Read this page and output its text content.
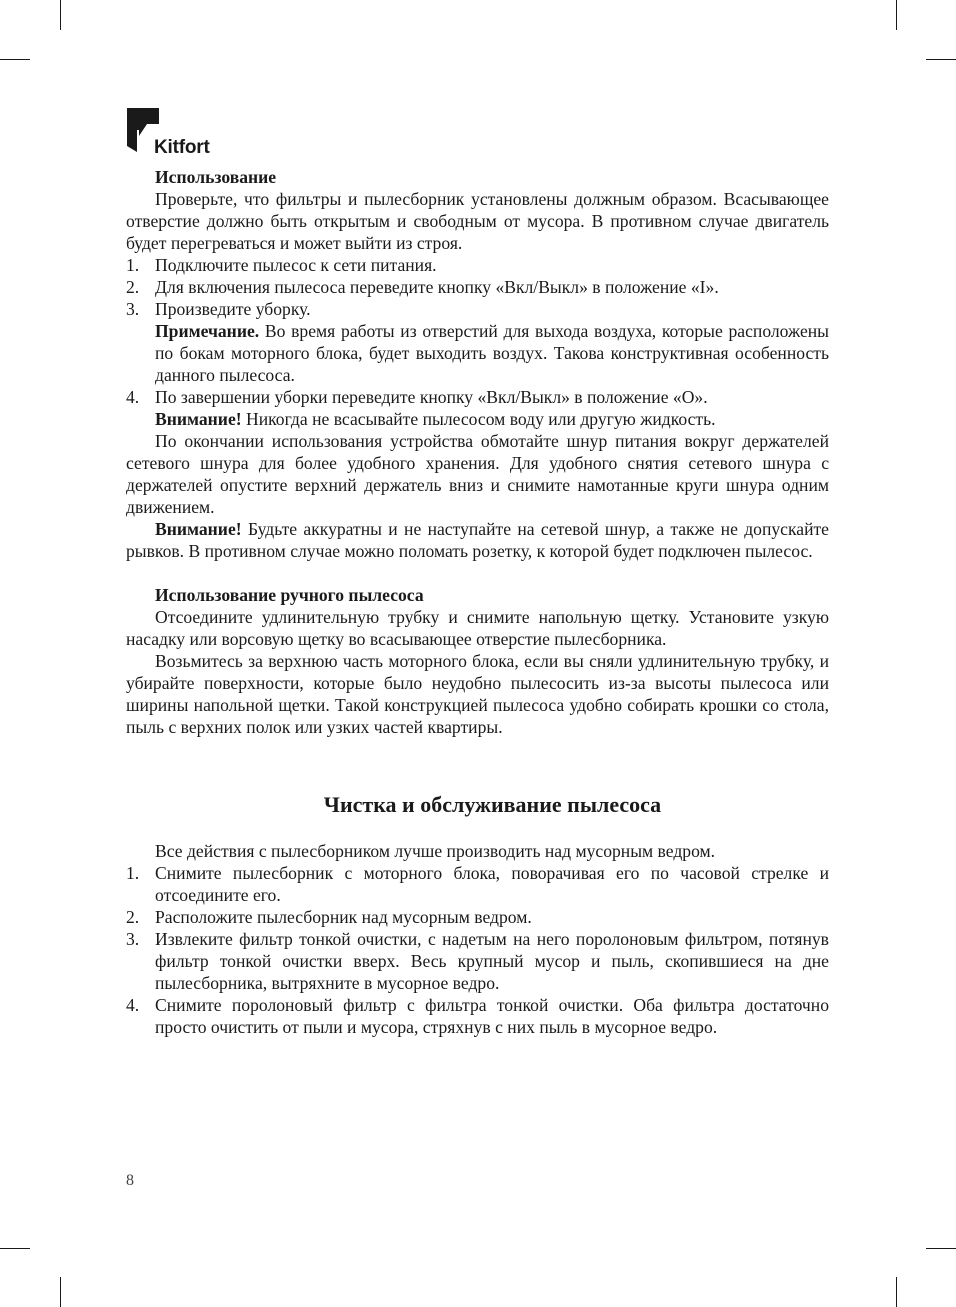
Kitfort

Использование

Проверьте, что фильтры и пылесборник установлены должным образом. Всасывающее отверстие должно быть открытым и свободным от мусора. В противном случае двигатель будет перегреваться и может выйти из строя.

1. Подключите пылесос к сети питания.
2. Для включения пылесоса переведите кнопку «Вкл/Выкл» в положение «I».
3. Произведите уборку.

Примечание. Во время работы из отверстий для выхода воздуха, которые расположены по бокам моторного блока, будет выходить воздух. Такова конструктивная особенность данного пылесоса.

4. По завершении уборки переведите кнопку «Вкл/Выкл» в положение «O».

Внимание! Никогда не всасывайте пылесосом воду или другую жидкость.

По окончании использования устройства обмотайте шнур питания вокруг держателей сетевого шнура для более удобного хранения. Для удобного снятия сетевого шнура с держателей опустите верхний держатель вниз и снимите намотанные круги шнура одним движением.

Внимание! Будьте аккуратны и не наступайте на сетевой шнур, а также не допускайте рывков. В противном случае можно поломать розетку, к которой будет подключен пылесос.

Использование ручного пылесоса

Отсоедините удлинительную трубку и снимите напольную щетку. Установите узкую насадку или ворсовую щетку во всасывающее отверстие пылесборника.

Возьмитесь за верхнюю часть моторного блока, если вы сняли удлинительную трубку, и убирайте поверхности, которые было неудобно пылесосить из-за высоты пылесоса или ширины напольной щетки. Такой конструкцией пылесоса удобно собирать крошки со стола, пыль с верхних полок или узких частей квартиры.

Чистка и обслуживание пылесоса

Все действия с пылесборником лучше производить над мусорным ведром.

1. Снимите пылесборник с моторного блока, поворачивая его по часовой стрелке и отсоедините его.
2. Расположите пылесборник над мусорным ведром.
3. Извлеките фильтр тонкой очистки, с надетым на него поролоновым фильтром, потянув фильтр тонкой очистки вверх. Весь крупный мусор и пыль, скопившиеся на дне пылесборника, вытряхните в мусорное ведро.
4. Снимите поролоновый фильтр с фильтра тонкой очистки. Оба фильтра достаточно просто очистить от пыли и мусора, стряхнув с них пыль в мусорное ведро.
8
